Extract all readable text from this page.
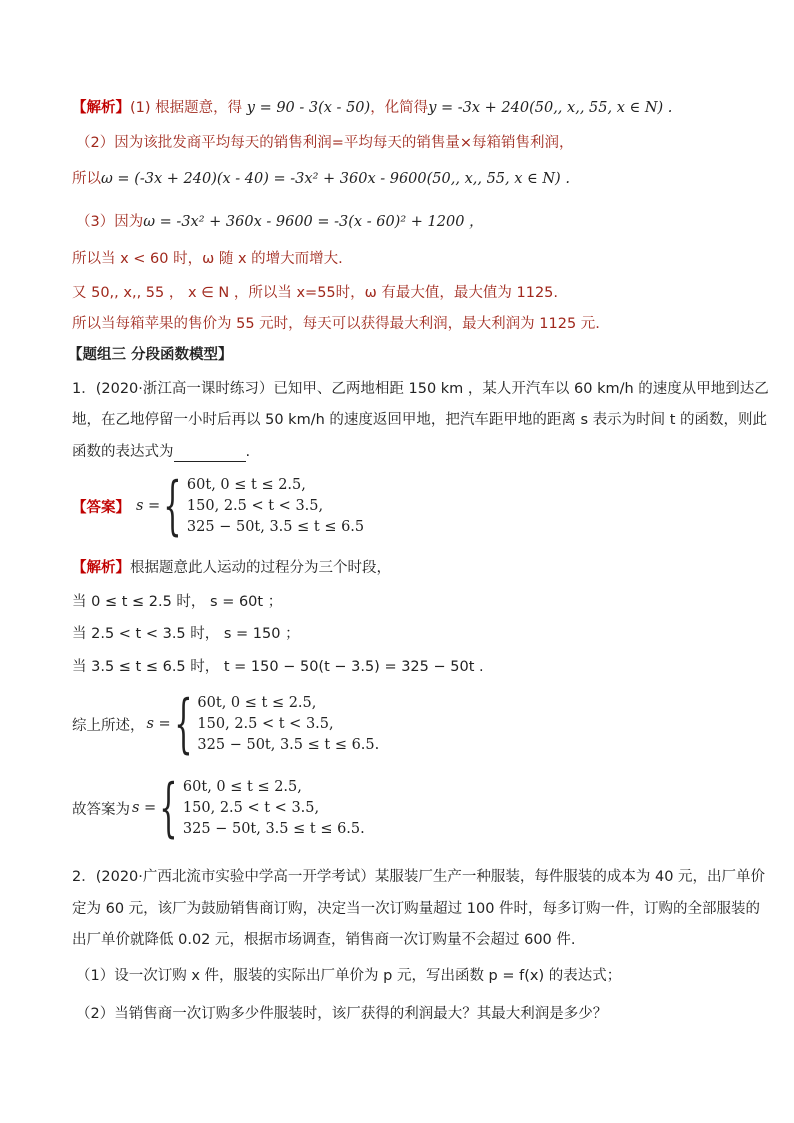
【解析】(1) 根据题意，得 y = 90 - 3(x - 50)，化简得y = -3x + 240(50,, x,, 55, x ∈ N) .
（2）因为该批发商平均每天的销售利润=平均每天的销售量×每箱销售利润，
所以ω = (-3x + 240)(x - 40) = -3x² + 360x - 9600(50,, x,, 55, x ∈ N) .
（3）因为ω = -3x² + 360x - 9600 = -3(x - 60)² + 1200 ，
所以当 x < 60 时，ω 随 x 的增大而增大.
又 50,, x,, 55 ， x ∈ N ，所以当 x=55时，ω 有最大值，最大值为 1125.
所以当每箱苹果的售价为 55 元时，每天可以获得最大利润，最大利润为 1125 元.
【题组三 分段函数模型】
1．(2020·浙江高一课时练习）已知甲、乙两地相距 150 km ，某人开汽车以 60 km/h 的速度从甲地到达乙
地，在乙地停留一小时后再以 50 km/h 的速度返回甲地，把汽车距甲地的距离 s 表示为时间 t 的函数，则此
函数的表达式为	.
【答案】 s = { 60t, 0 ≤ t ≤ 2.5,
150, 2.5 < t < 3.5,
325 − 50t, 3.5 ≤ t ≤ 6.5
【解析】根据题意此人运动的过程分为三个时段，
当 0 ≤ t ≤ 2.5 时， s = 60t ；
当 2.5 < t < 3.5 时， s = 150 ；
当 3.5 ≤ t ≤ 6.5 时， t = 150 − 50(t − 3.5) = 325 − 50t .
综上所述， s = { 60t, 0 ≤ t ≤ 2.5,
150, 2.5 < t < 3.5,
325 − 50t, 3.5 ≤ t ≤ 6.5.
故答案为 s = { 60t, 0 ≤ t ≤ 2.5,
150, 2.5 < t < 3.5,
325 − 50t, 3.5 ≤ t ≤ 6.5.
2．(2020·广西北流市实验中学高一开学考试）某服装厂生产一种服装，每件服装的成本为 40 元，出厂单价
定为 60 元，该厂为鼓励销售商订购，决定当一次订购量超过 100 件时，每多订购一件，订购的全部服装的
出厂单价就降低 0.02 元，根据市场调查，销售商一次订购量不会超过 600 件.
（1）设一次订购 x 件，服装的实际出厂单价为 p 元，写出函数 p = f(x) 的表达式；
（2）当销售商一次订购多少件服装时，该厂获得的利润最大？其最大利润是多少？
